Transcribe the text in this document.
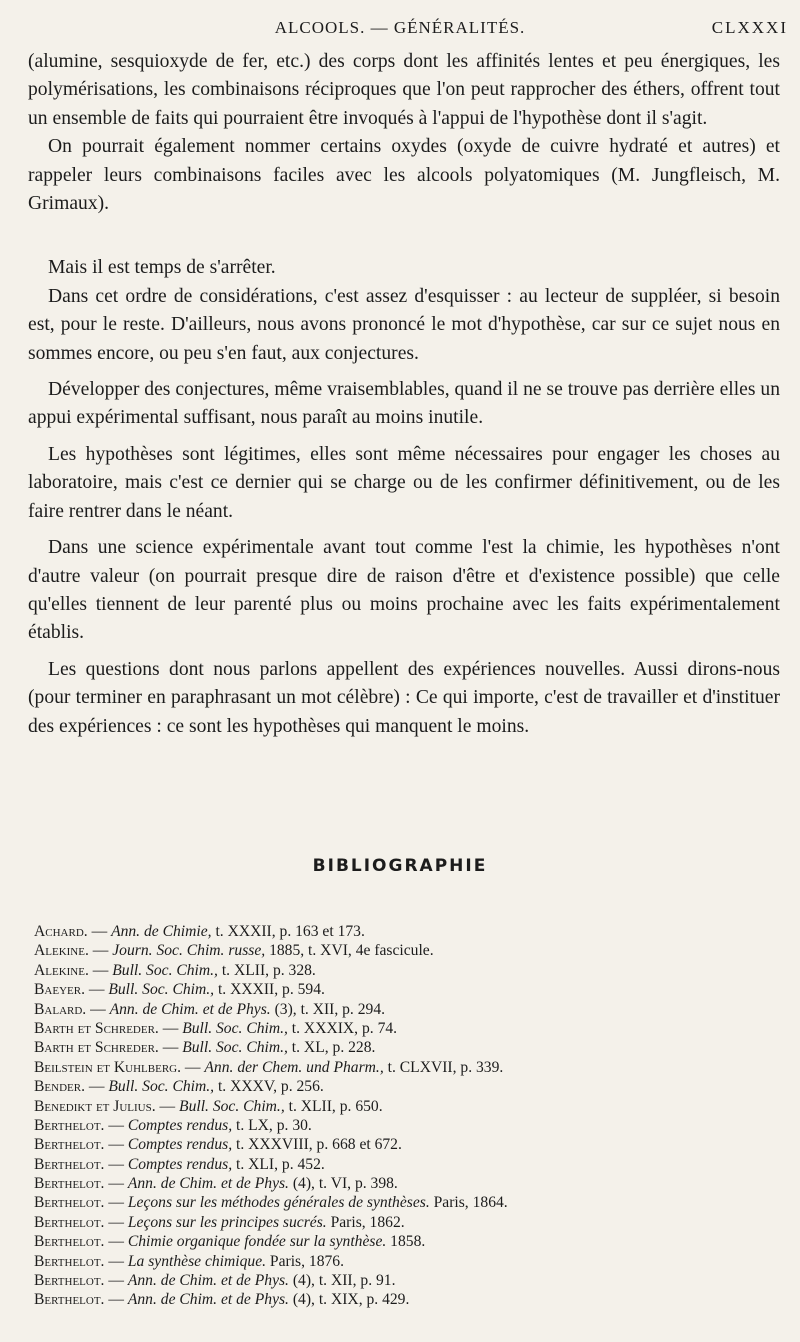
ALCOOLS. — GÉNÉRALITÉS.	CLXXXI

(alumine, sesquioxyde de fer, etc.) des corps dont les affinités lentes et peu énergiques, les polymérisations, les combinaisons réciproques que l'on peut rapprocher des éthers, offrent tout un ensemble de faits qui pourraient être invoqués à l'appui de l'hypothèse dont il s'agit.

On pourrait également nommer certains oxydes (oxyde de cuivre hydraté et autres) et rappeler leurs combinaisons faciles avec les alcools polyatomiques (M. Jungfleisch, M. Grimaux).

Mais il est temps de s'arrêter.

Dans cet ordre de considérations, c'est assez d'esquisser : au lecteur de suppléer, si besoin est, pour le reste. D'ailleurs, nous avons prononcé le mot d'hypothèse, car sur ce sujet nous en sommes encore, ou peu s'en faut, aux conjectures.

Développer des conjectures, même vraisemblables, quand il ne se trouve pas derrière elles un appui expérimental suffisant, nous paraît au moins inutile.

Les hypothèses sont légitimes, elles sont même nécessaires pour engager les choses au laboratoire, mais c'est ce dernier qui se charge ou de les confirmer définitivement, ou de les faire rentrer dans le néant.

Dans une science expérimentale avant tout comme l'est la chimie, les hypothèses n'ont d'autre valeur (on pourrait presque dire de raison d'être et d'existence possible) que celle qu'elles tiennent de leur parenté plus ou moins prochaine avec les faits expérimentalement établis.

Les questions dont nous parlons appellent des expériences nouvelles. Aussi dirons-nous (pour terminer en paraphrasant un mot célèbre) : Ce qui importe, c'est de travailler et d'instituer des expériences : ce sont les hypothèses qui manquent le moins.

BIBLIOGRAPHIE
Achard. — Ann. de Chimie, t. XXXII, p. 163 et 173.
Alekine. — Journ. Soc. Chim. russe, 1885, t. XVI, 4e fascicule.
Alekine. — Bull. Soc. Chim., t. XLII, p. 328.
Baeyer. — Bull. Soc. Chim., t. XXXII, p. 594.
Balard. — Ann. de Chim. et de Phys. (3), t. XII, p. 294.
Barth et Schreder. — Bull. Soc. Chim., t. XXXIX, p. 74.
Barth et Schreder. — Bull. Soc. Chim., t. XL, p. 228.
Beilstein et Kuhlberg. — Ann. der Chem. und Pharm., t. CLXVII, p. 339.
Bender. — Bull. Soc. Chim., t. XXXV, p. 256.
Benedikt et Julius. — Bull. Soc. Chim., t. XLII, p. 650.
Berthelot. — Comptes rendus, t. LX, p. 30.
Berthelot. — Comptes rendus, t. XXXVIII, p. 668 et 672.
Berthelot. — Comptes rendus, t. XLI, p. 452.
Berthelot. — Ann. de Chim. et de Phys. (4), t. VI, p. 398.
Berthelot. — Leçons sur les méthodes générales de synthèses. Paris, 1864.
Berthelot. — Leçons sur les principes sucrés. Paris, 1862.
Berthelot. — Chimie organique fondée sur la synthèse. 1858.
Berthelot. — La synthèse chimique. Paris, 1876.
Berthelot. — Ann. de Chim. et de Phys. (4), t. XII, p. 91.
Berthelot. — Ann. de Chim. et de Phys. (4), t. XIX, p. 429.
